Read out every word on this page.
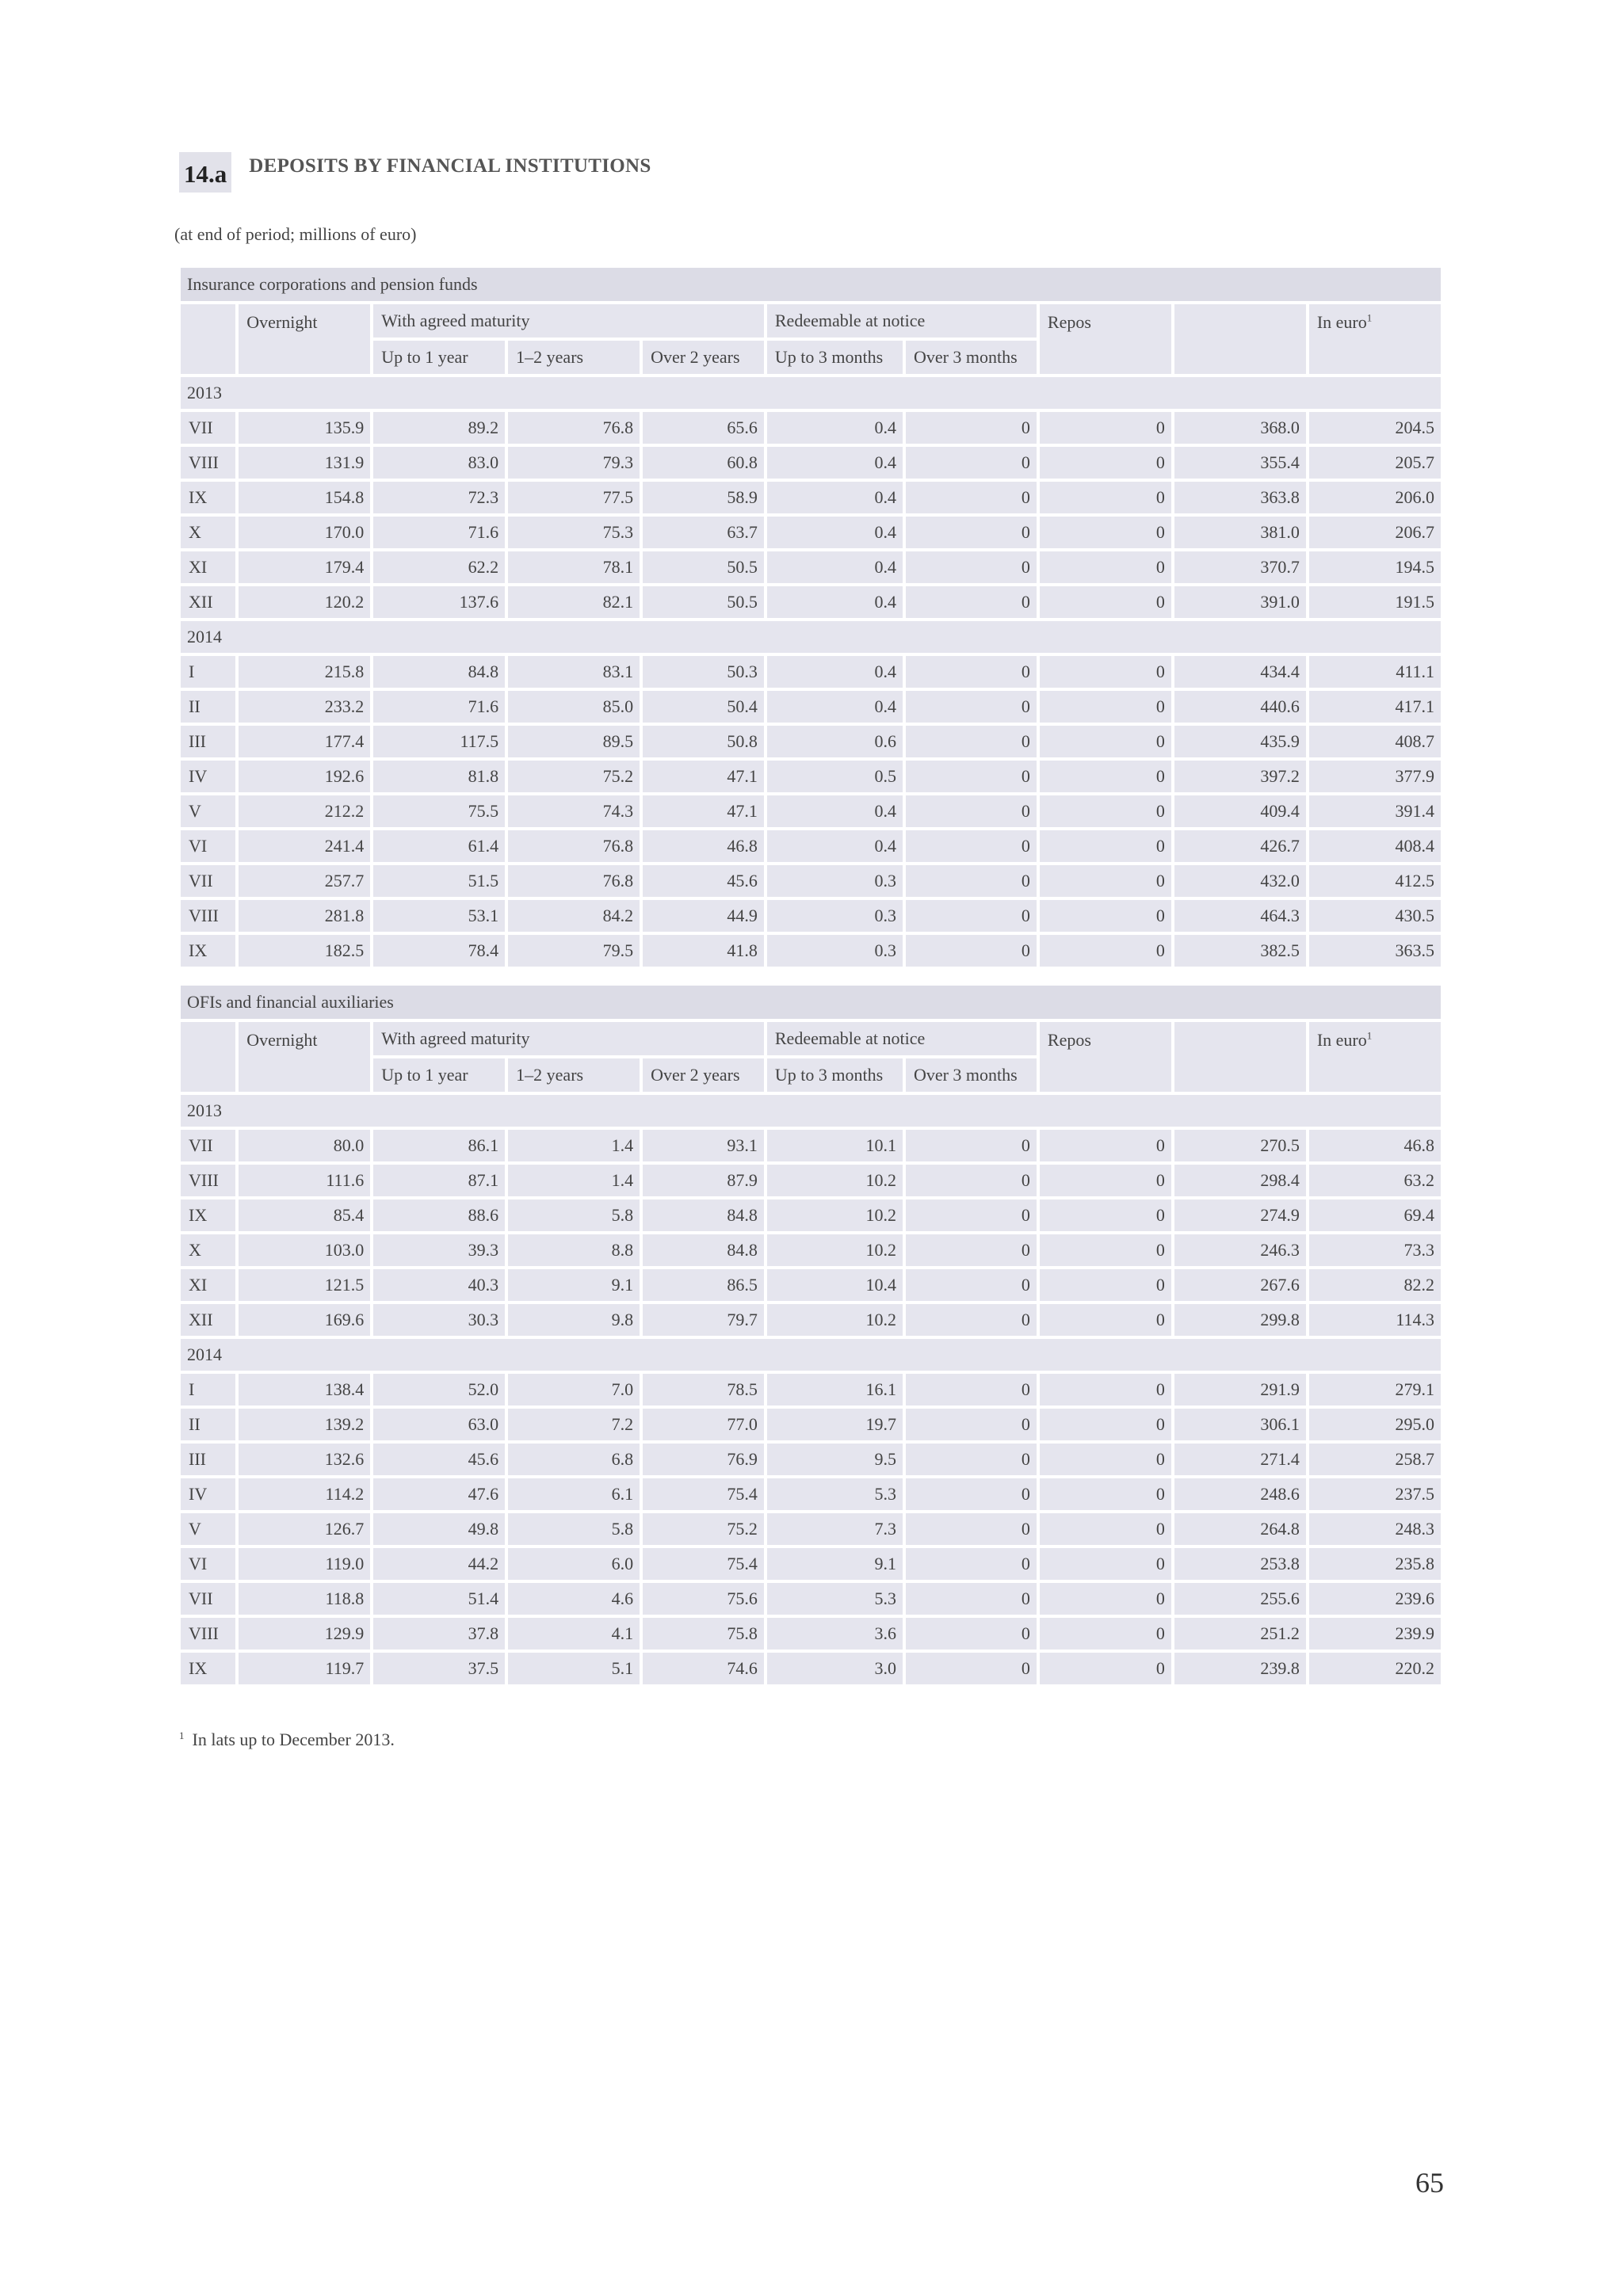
14.a DEPOSITS BY FINANCIAL INSTITUTIONS
(at end of period; millions of euro)
Insurance corporations and pension funds									
	Overnight	With agreed maturity			Redeemable at notice		Repos		In euro$^1$
		Up to 1 year	1–2 years	Over 2 years	Up to 3 months	Over 3 months			
2013									
VII	135.9	89.2	76.8	65.6	0.4	0	0	368.0	204.5
VIII	131.9	83.0	79.3	60.8	0.4	0	0	355.4	205.7
IX	154.8	72.3	77.5	58.9	0.4	0	0	363.8	206.0
X	170.0	71.6	75.3	63.7	0.4	0	0	381.0	206.7
XI	179.4	62.2	78.1	50.5	0.4	0	0	370.7	194.5
XII	120.2	137.6	82.1	50.5	0.4	0	0	391.0	191.5
2014									
I	215.8	84.8	83.1	50.3	0.4	0	0	434.4	411.1
II	233.2	71.6	85.0	50.4	0.4	0	0	440.6	417.1
III	177.4	117.5	89.5	50.8	0.6	0	0	435.9	408.7
IV	192.6	81.8	75.2	47.1	0.5	0	0	397.2	377.9
V	212.2	75.5	74.3	47.1	0.4	0	0	409.4	391.4
VI	241.4	61.4	76.8	46.8	0.4	0	0	426.7	408.4
VII	257.7	51.5	76.8	45.6	0.3	0	0	432.0	412.5
VIII	281.8	53.1	84.2	44.9	0.3	0	0	464.3	430.5
IX	182.5	78.4	79.5	41.8	0.3	0	0	382.5	363.5
OFIs and financial auxiliaries									
	Overnight	With agreed maturity			Redeemable at notice		Repos		In euro$^1$
		Up to 1 year	1–2 years	Over 2 years	Up to 3 months	Over 3 months			
2013									
VII	80.0	86.1	1.4	93.1	10.1	0	0	270.5	46.8
VIII	111.6	87.1	1.4	87.9	10.2	0	0	298.4	63.2
IX	85.4	88.6	5.8	84.8	10.2	0	0	274.9	69.4
X	103.0	39.3	8.8	84.8	10.2	0	0	246.3	73.3
XI	121.5	40.3	9.1	86.5	10.4	0	0	267.6	82.2
XII	169.6	30.3	9.8	79.7	10.2	0	0	299.8	114.3
2014									
I	138.4	52.0	7.0	78.5	16.1	0	0	291.9	279.1
II	139.2	63.0	7.2	77.0	19.7	0	0	306.1	295.0
III	132.6	45.6	6.8	76.9	9.5	0	0	271.4	258.7
IV	114.2	47.6	6.1	75.4	5.3	0	0	248.6	237.5
V	126.7	49.8	5.8	75.2	7.3	0	0	264.8	248.3
VI	119.0	44.2	6.0	75.4	9.1	0	0	253.8	235.8
VII	118.8	51.4	4.6	75.6	5.3	0	0	255.6	239.6
VIII	129.9	37.8	4.1	75.8	3.6	0	0	251.2	239.9
IX	119.7	37.5	5.1	74.6	3.0	0	0	239.8	220.2
$^1$ In lats up to December 2013.
65
